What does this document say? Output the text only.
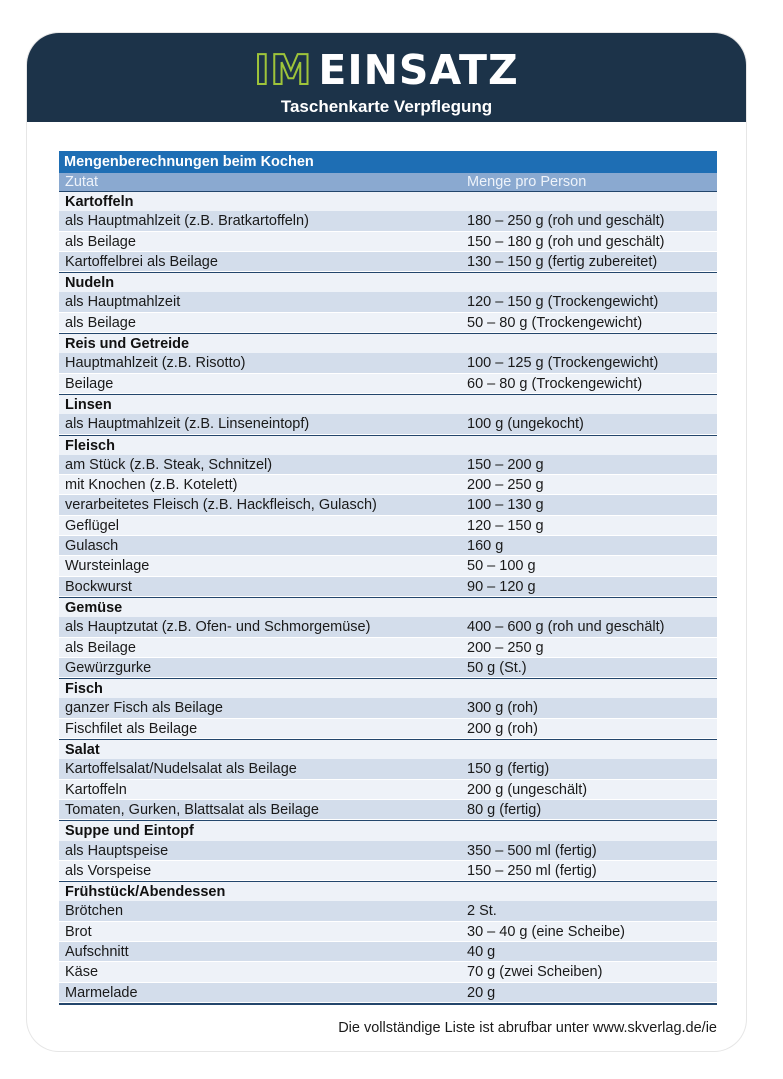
IM EINSATZ
Taschenkarte Verpflegung
Mengenberechnungen beim Kochen
Zutat	Menge pro Person
Kartoffeln
als Hauptmahlzeit (z.B. Bratkartoffeln)	180 – 250 g (roh und geschält)
als Beilage	150 – 180 g (roh und geschält)
Kartoffelbrei als Beilage	130 – 150 g (fertig zubereitet)
Nudeln
als Hauptmahlzeit	120 – 150 g (Trockengewicht)
als Beilage	50 – 80 g (Trockengewicht)
Reis und Getreide
Hauptmahlzeit (z.B. Risotto)	100 – 125 g (Trockengewicht)
Beilage	60 – 80 g (Trockengewicht)
Linsen
als Hauptmahlzeit (z.B. Linseneintopf)	100 g (ungekocht)
Fleisch
am Stück (z.B. Steak, Schnitzel)	150 – 200 g
mit Knochen (z.B. Kotelett)	200 – 250 g
verarbeitetes Fleisch (z.B. Hackfleisch, Gulasch)	100 – 130 g
Geflügel	120 – 150 g
Gulasch	160 g
Wursteinlage	50 – 100 g
Bockwurst	90 – 120 g
Gemüse
als Hauptzutat (z.B. Ofen- und Schmorgemüse)	400 – 600 g (roh und geschält)
als Beilage	200 – 250 g
Gewürzgurke	50 g (St.)
Fisch
ganzer Fisch als Beilage	300 g (roh)
Fischfilet als Beilage	200 g (roh)
Salat
Kartoffelsalat/Nudelsalat als Beilage	150 g (fertig)
Kartoffeln	200 g (ungeschält)
Tomaten, Gurken, Blattsalat als Beilage	80 g (fertig)
Suppe und Eintopf
als Hauptspeise	350 – 500 ml (fertig)
als Vorspeise	150 – 250 ml (fertig)
Frühstück/Abendessen
Brötchen	2 St.
Brot	30 – 40 g (eine Scheibe)
Aufschnitt	40 g
Käse	70 g (zwei Scheiben)
Marmelade	20 g
Die vollständige Liste ist abrufbar unter www.skverlag.de/ie
